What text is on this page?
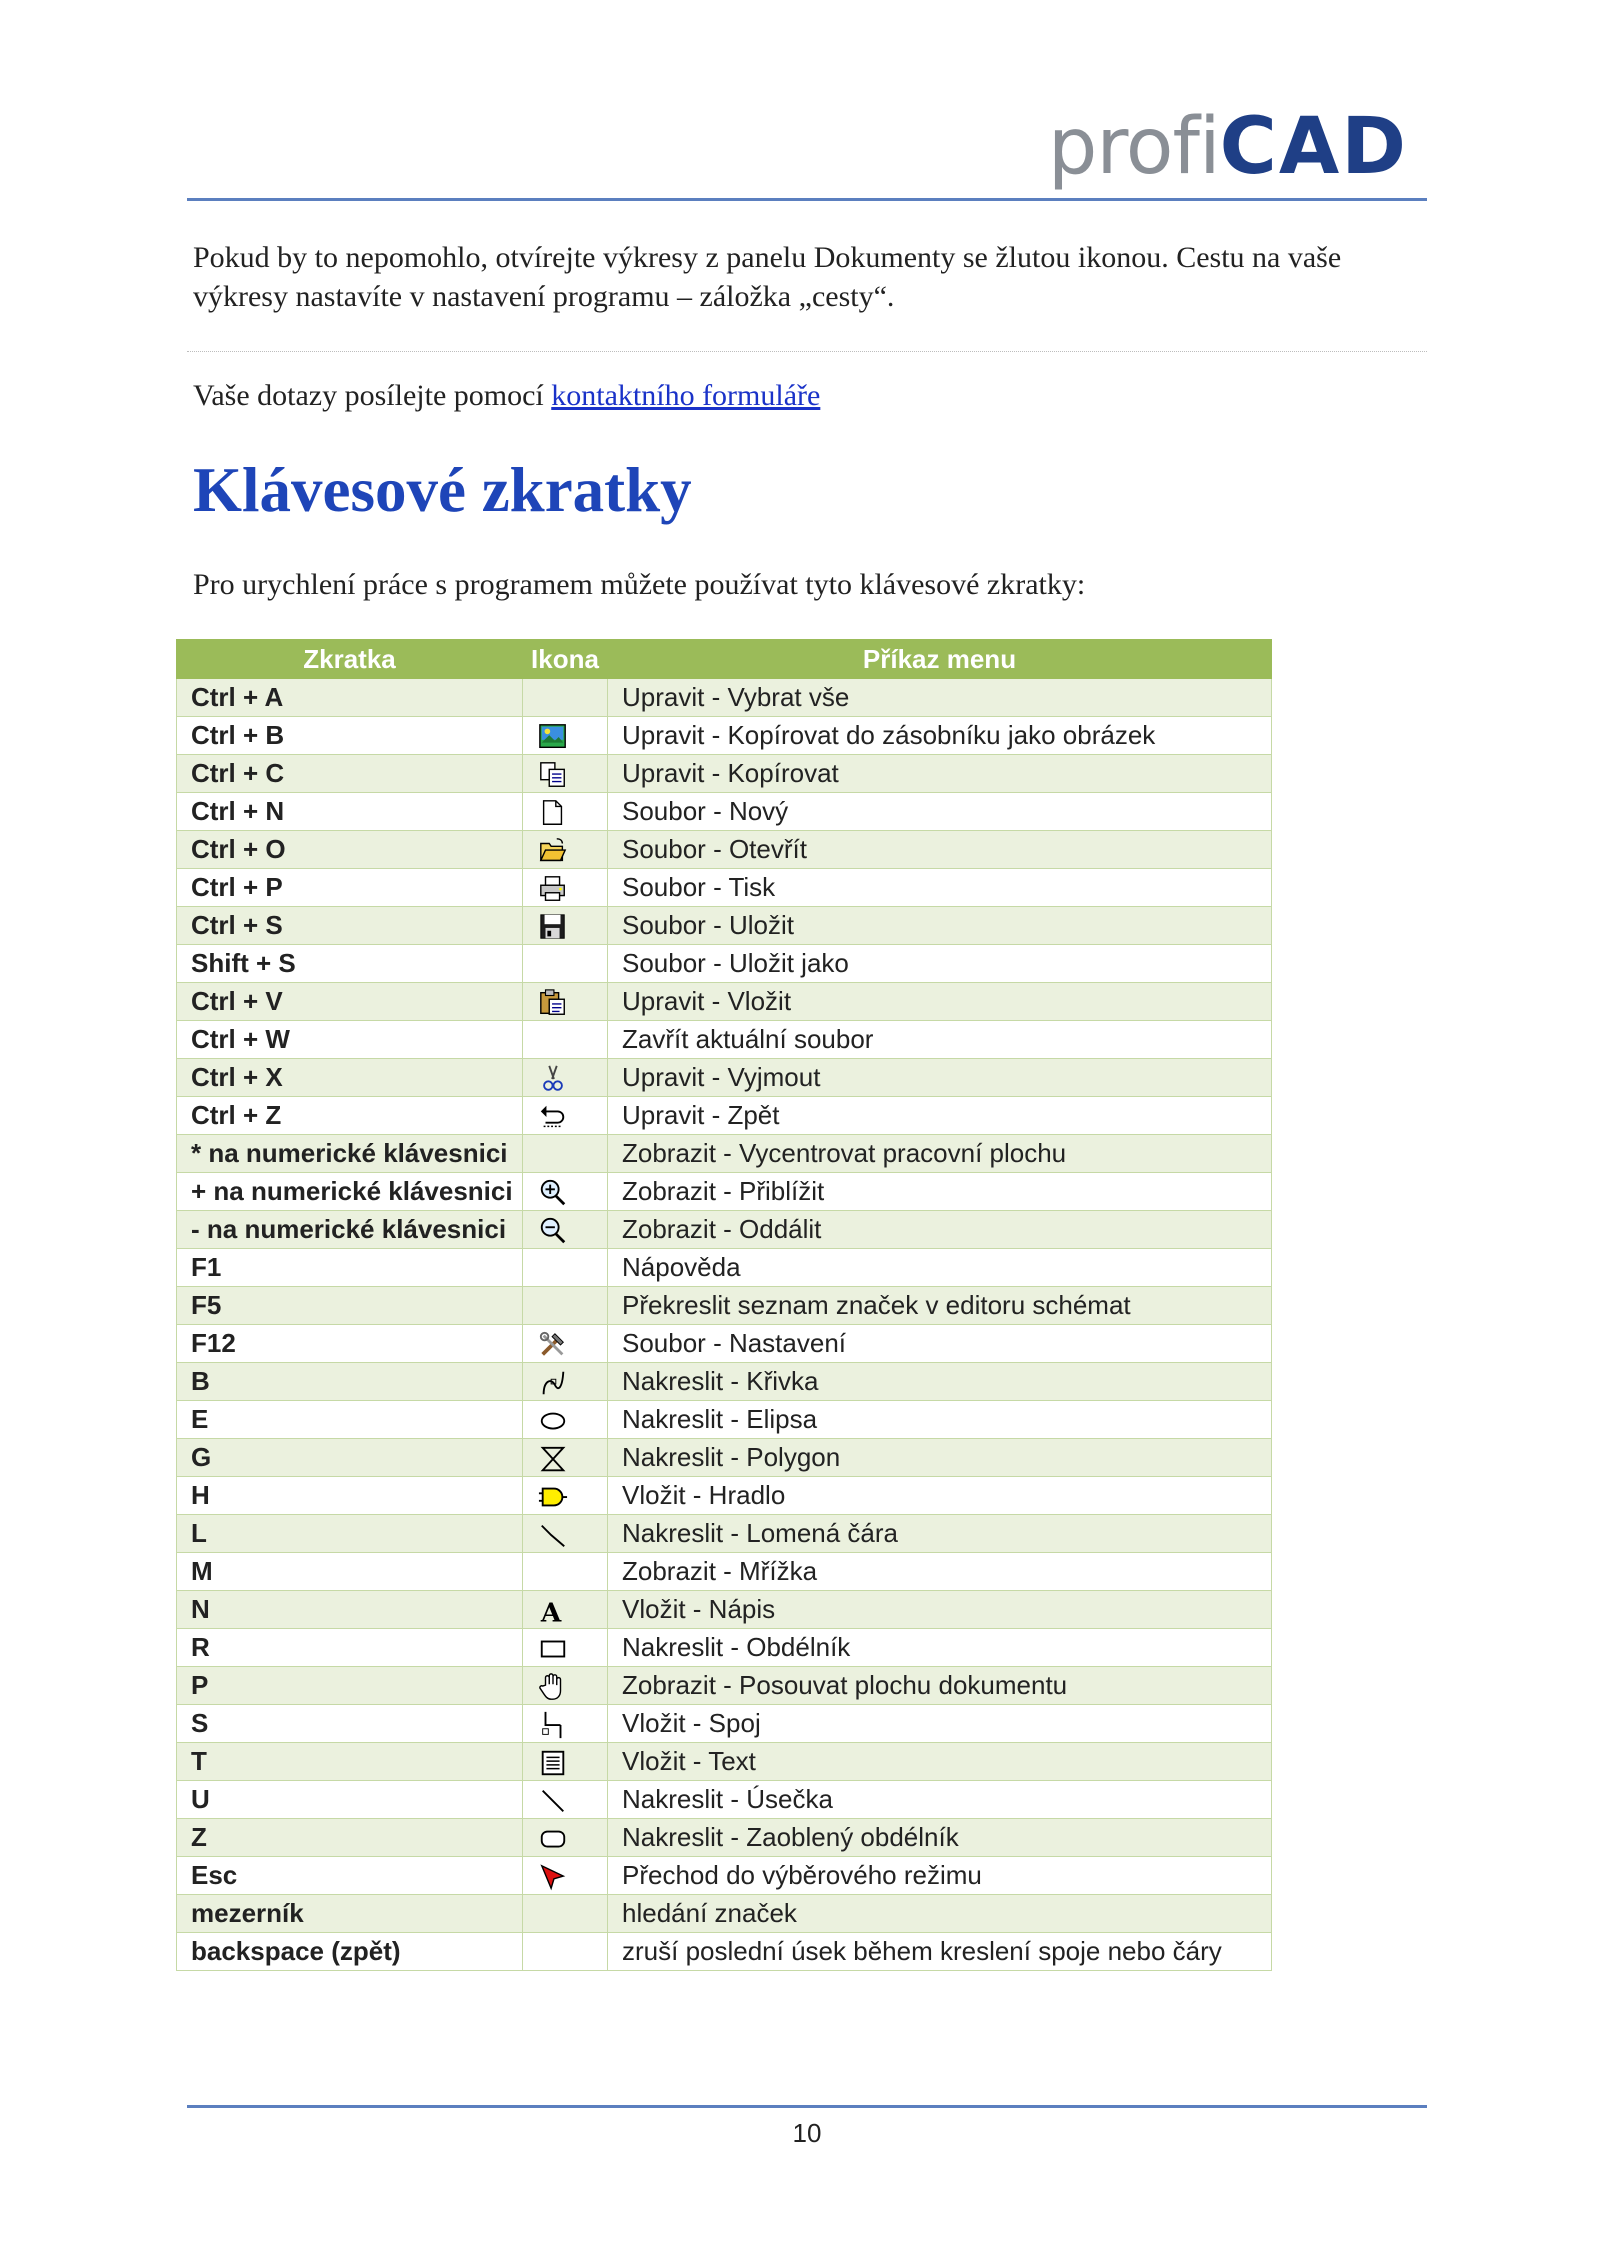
profiCAD
Pokud by to nepomohlo, otvírejte výkresy z panelu Dokumenty se žlutou ikonou. Cestu na vaše výkresy nastavíte v nastavení programu – záložka „cesty“.
Vaše dotazy posílejte pomocí kontaktního formuláře
Klávesové zkratky
Pro urychlení práce s programem můžete používat tyto klávesové zkratky:
Zkratka	Ikona	Příkaz menu
Ctrl + A		Upravit - Vybrat vše
Ctrl + B		Upravit - Kopírovat do zásobníku jako obrázek
Ctrl + C		Upravit - Kopírovat
Ctrl + N		Soubor - Nový
Ctrl + O		Soubor - Otevřít
Ctrl + P		Soubor - Tisk
Ctrl + S		Soubor - Uložit
Shift + S		Soubor - Uložit jako
Ctrl + V		Upravit - Vložit
Ctrl + W		Zavřít aktuální soubor
Ctrl + X		Upravit - Vyjmout
Ctrl + Z		Upravit - Zpět
* na numerické klávesnici		Zobrazit - Vycentrovat pracovní plochu
+ na numerické klávesnici		Zobrazit - Přiblížit
- na numerické klávesnici		Zobrazit - Oddálit
F1		Nápověda
F5		Překreslit seznam značek v editoru schémat
F12		Soubor - Nastavení
B		Nakreslit - Křivka
E		Nakreslit - Elipsa
G		Nakreslit - Polygon
H		Vložit - Hradlo
L		Nakreslit - Lomená čára
M		Zobrazit - Mřížka
N	A	Vložit - Nápis
R		Nakreslit - Obdélník
P		Zobrazit - Posouvat plochu dokumentu
S		Vložit - Spoj
T		Vložit - Text
U		Nakreslit - Úsečka
Z		Nakreslit - Zaoblený obdélník
Esc		Přechod do výběrového režimu
mezerník		hledání značek
backspace (zpět)		zruší poslední úsek během kreslení spoje nebo čáry
10
